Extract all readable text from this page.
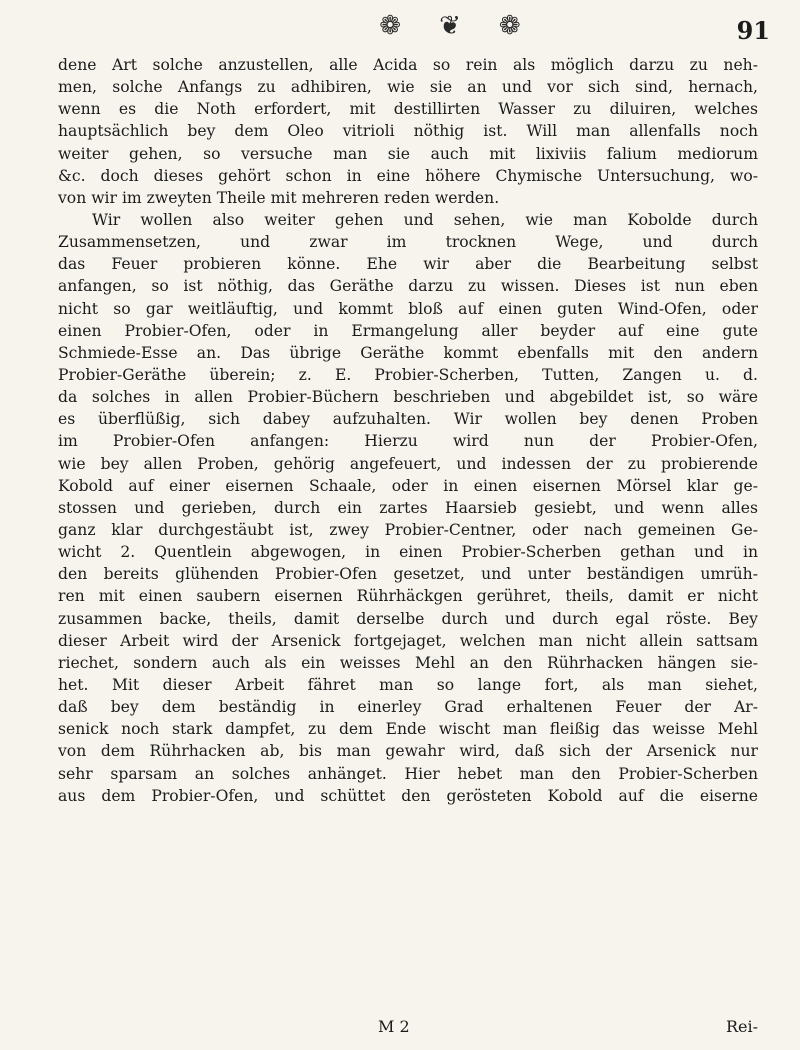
❁ ❦ ❁	91
dene Art solche anzustellen, alle Acida so rein als möglich darzu zu neh-
men, solche Anfangs zu adhibiren, wie sie an und vor sich sind, hernach,
wenn es die Noth erfordert, mit destillirten Wasser zu diluiren, welches
hauptsächlich bey dem Oleo vitrioli nöthig ist. Will man allenfalls noch
weiter gehen, so versuche man sie auch mit lixiviis falium mediorum
&c. doch dieses gehört schon in eine höhere Chymische Untersuchung, wo-
von wir im zweyten Theile mit mehreren reden werden.
Wir wollen also weiter gehen und sehen, wie man Kobolde durch
Zusammensetzen, und zwar im trocknen Wege, und durch
das Feuer probieren könne. Ehe wir aber die Bearbeitung selbst
anfangen, so ist nöthig, das Geräthe darzu zu wissen. Dieses ist nun eben
nicht so gar weitläuftig, und kommt bloß auf einen guten Wind-Ofen, oder
einen Probier-Ofen, oder in Ermangelung aller beyder auf eine gute
Schmiede-Esse an. Das übrige Geräthe kommt ebenfalls mit den andern
Probier-Geräthe überein; z. E. Probier-Scherben, Tutten, Zangen u. d.
da solches in allen Probier-Büchern beschrieben und abgebildet ist, so wäre
es überflüßig, sich dabey aufzuhalten. Wir wollen bey denen Proben
im Probier-Ofen anfangen: Hierzu wird nun der Probier-Ofen,
wie bey allen Proben, gehörig angefeuert, und indessen der zu probierende
Kobold auf einer eisernen Schaale, oder in einen eisernen Mörsel klar ge-
stossen und gerieben, durch ein zartes Haarsieb gesiebt, und wenn alles
ganz klar durchgestäubt ist, zwey Probier-Centner, oder nach gemeinen Ge-
wicht 2. Quentlein abgewogen, in einen Probier-Scherben gethan und in
den bereits glühenden Probier-Ofen gesetzet, und unter beständigen umrüh-
ren mit einen saubern eisernen Rührhäckgen gerühret, theils, damit er nicht
zusammen backe, theils, damit derselbe durch und durch egal röste. Bey
dieser Arbeit wird der Arsenick fortgejaget, welchen man nicht allein sattsam
riechet, sondern auch als ein weisses Mehl an den Rührhacken hängen sie-
het. Mit dieser Arbeit fähret man so lange fort, als man siehet,
daß bey dem beständig in einerley Grad erhaltenen Feuer der Ar-
senick noch stark dampfet, zu dem Ende wischt man fleißig das weisse Mehl
von dem Rührhacken ab, bis man gewahr wird, daß sich der Arsenick nur
sehr sparsam an solches anhänget. Hier hebet man den Probier-Scherben
aus dem Probier-Ofen, und schüttet den gerösteten Kobold auf die eiserne
M 2	Rei-
